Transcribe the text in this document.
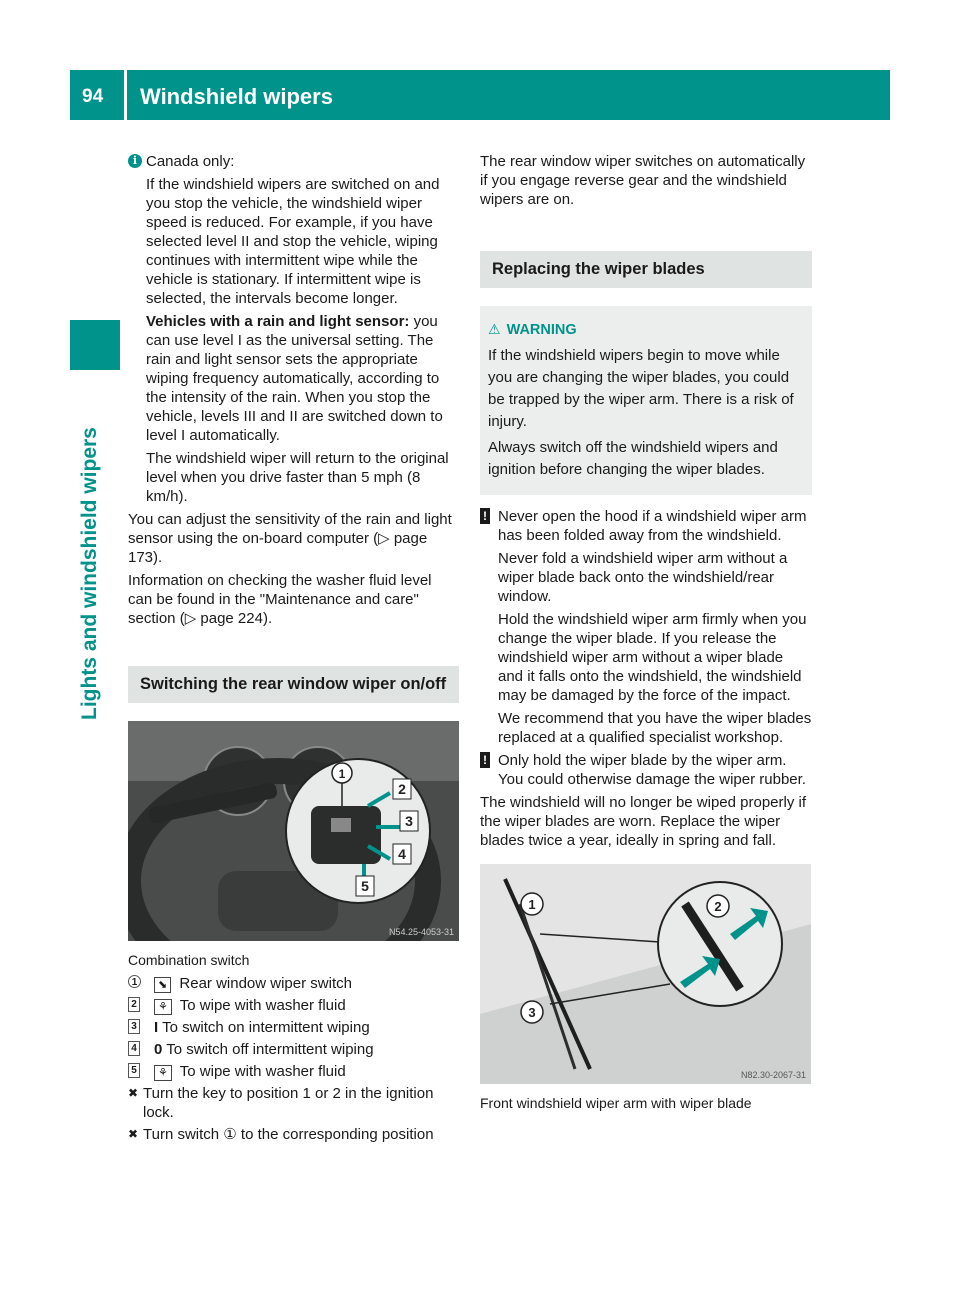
94 Windshield wipers
Lights and windshield wipers
i Canada only:

If the windshield wipers are switched on and you stop the vehicle, the windshield wiper speed is reduced. For example, if you have selected level II and stop the vehicle, wiping continues with intermittent wipe while the vehicle is stationary. If intermittent wipe is selected, the intervals become longer.

Vehicles with a rain and light sensor: you can use level I as the universal setting. The rain and light sensor sets the appropriate wiping frequency automatically, according to the intensity of the rain. When you stop the vehicle, levels III and II are switched down to level I automatically.

The windshield wiper will return to the original level when you drive faster than 5 mph (8 km/h).

You can adjust the sensitivity of the rain and light sensor using the on-board computer (▷ page 173).

Information on checking the washer fluid level can be found in the "Maintenance and care" section (▷ page 224).

Switching the rear window wiper on/off
1
2
3
4
5
N54.25-4053-31

Combination switch

1	⬊ Rear window wiper switch
2 ⚘ To wipe with washer fluid
3 I To switch on intermittent wiping
4 0 To switch off intermittent wiping
5 ⚘ To wipe with washer fluid
✖ Turn the key to position 1 or 2 in the ignition lock.
✖ Turn switch ① to the corresponding position

The rear window wiper switches on automatically if you engage reverse gear and the windshield wipers are on.

Replacing the wiper blades
⚠ WARNING

If the windshield wipers begin to move while you are changing the wiper blades, you could be trapped by the wiper arm. There is a risk of injury.

Always switch off the windshield wipers and ignition before changing the wiper blades.

! Never open the hood if a windshield wiper arm has been folded away from the windshield.

Never fold a windshield wiper arm without a wiper blade back onto the windshield/rear window.

Hold the windshield wiper arm firmly when you change the wiper blade. If you release the windshield wiper arm without a wiper blade and it falls onto the windshield, the windshield may be damaged by the force of the impact.

We recommend that you have the wiper blades replaced at a qualified specialist workshop.

! Only hold the wiper blade by the wiper arm. You could otherwise damage the wiper rubber.

The windshield will no longer be wiped properly if the wiper blades are worn. Replace the wiper blades twice a year, ideally in spring and fall.

1	2
3
N82.30-2067-31

Front windshield wiper arm with wiper blade
